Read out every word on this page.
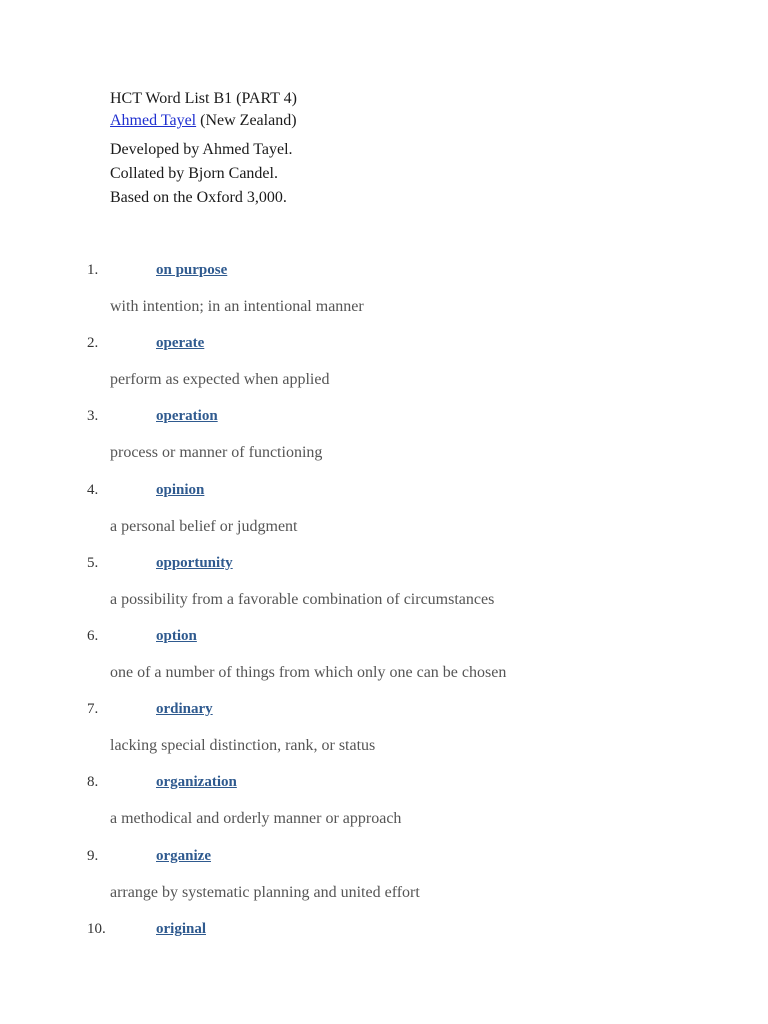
HCT Word List B1 (PART 4)
Ahmed Tayel (New Zealand)
Developed by Ahmed Tayel.
Collated by Bjorn Candel.
Based on the Oxford 3,000.
1.	on purpose
with intention; in an intentional manner
2.	operate
perform as expected when applied
3.	operation
process or manner of functioning
4.	opinion
a personal belief or judgment
5.	opportunity
a possibility from a favorable combination of circumstances
6.	option
one of a number of things from which only one can be chosen
7.	ordinary
lacking special distinction, rank, or status
8.	organization
a methodical and orderly manner or approach
9.	organize
arrange by systematic planning and united effort
10.	original
